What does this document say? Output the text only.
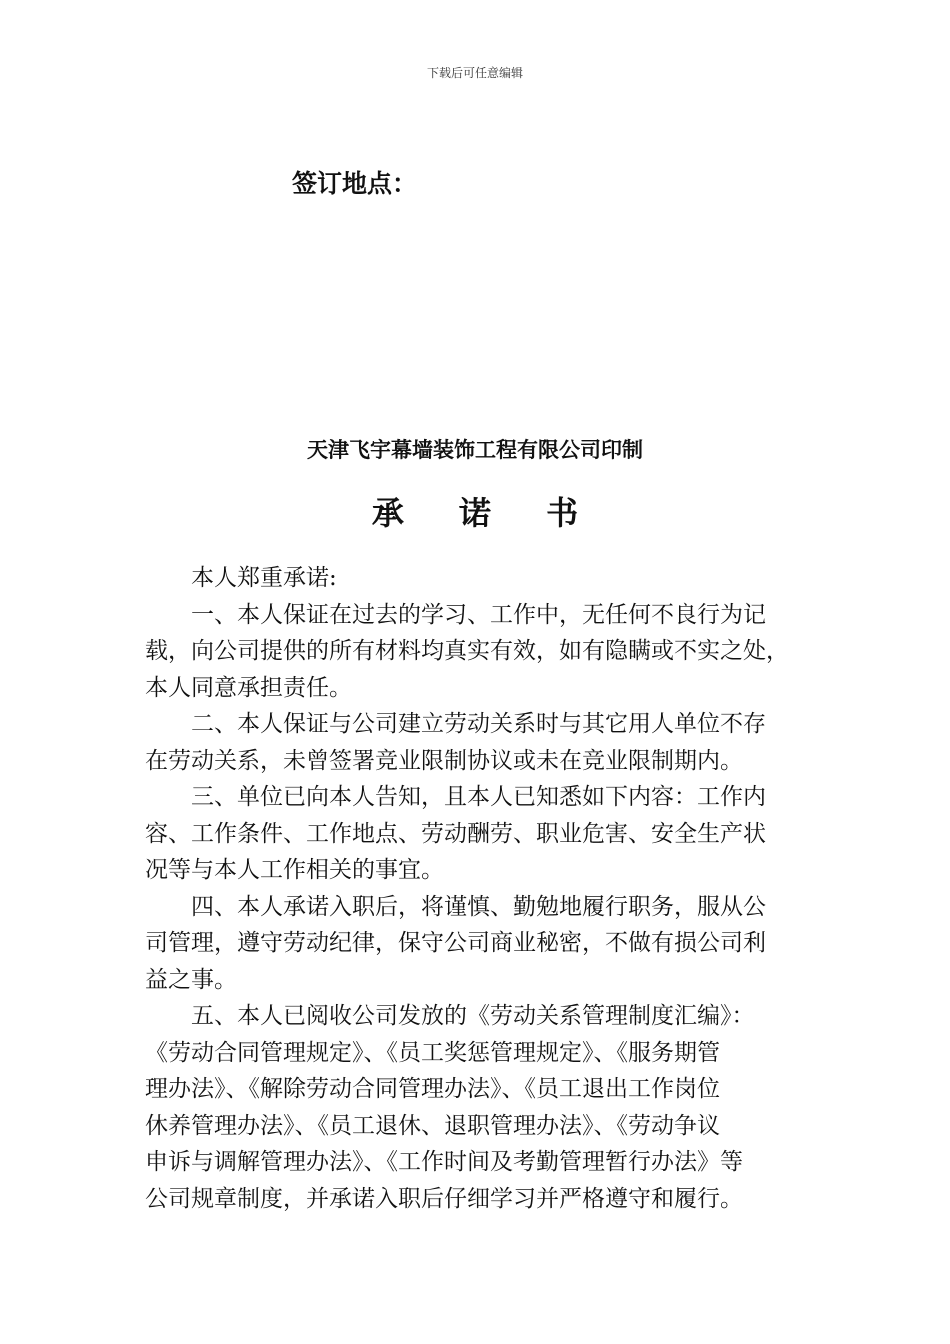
下载后可任意编辑
签订地点：
天津飞宇幕墙装饰工程有限公司印制
承 诺 书

本人郑重承诺:

一、本人保证在过去的学习、工作中，无任何不良行为记
载，向公司提供的所有材料均真实有效，如有隐瞒或不实之处，
本人同意承担责任。

二、本人保证与公司建立劳动关系时与其它用人单位不存
在劳动关系，未曾签署竞业限制协议或未在竞业限制期内。

三、单位已向本人告知，且本人已知悉如下内容：工作内
容、工作条件、工作地点、劳动酬劳、职业危害、安全生产状
况等与本人工作相关的事宜。

四、本人承诺入职后，将谨慎、勤勉地履行职务，服从公
司管理，遵守劳动纪律，保守公司商业秘密，不做有损公司利
益之事。

五、本人已阅收公司发放的《劳动关系管理制度汇编》：
《劳动合同管理规定》、《员工奖惩管理规定》、《服务期管
理办法》、《解除劳动合同管理办法》、《员工退出工作岗位
休养管理办法》、《员工退休、退职管理办法》、《劳动争议
申诉与调解管理办法》、《工作时间及考勤管理暂行办法》等
公司规章制度，并承诺入职后仔细学习并严格遵守和履行。
